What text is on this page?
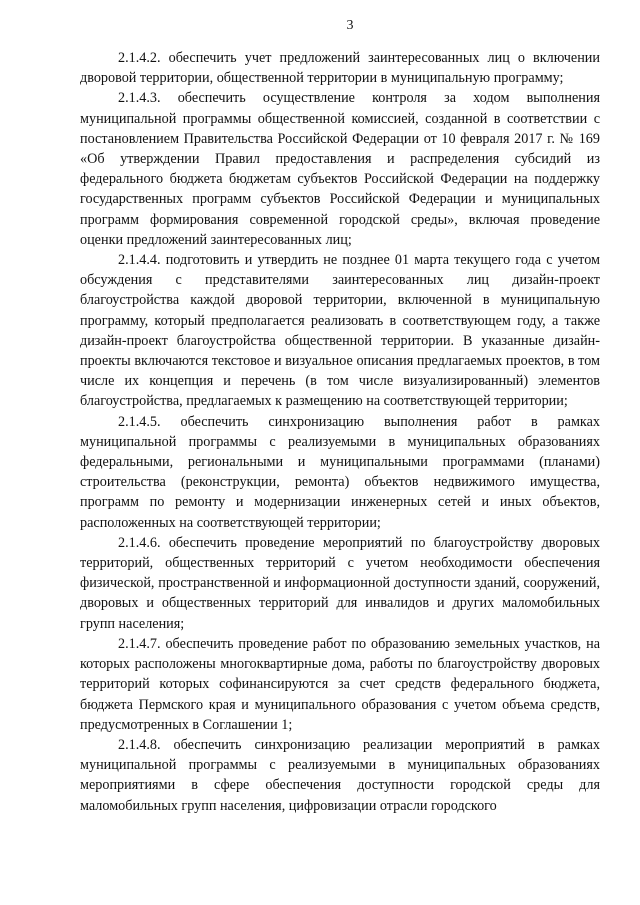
3

2.1.4.2. обеспечить учет предложений заинтересованных лиц о включении дворовой территории, общественной территории в муниципальную программу;

2.1.4.3. обеспечить осуществление контроля за ходом выполнения муниципальной программы общественной комиссией, созданной в соответствии с постановлением Правительства Российской Федерации от 10 февраля 2017 г. № 169 «Об утверждении Правил предоставления и распределения субсидий из федерального бюджета бюджетам субъектов Российской Федерации на поддержку государственных программ субъектов Российской Федерации и муниципальных программ формирования современной городской среды», включая проведение оценки предложений заинтересованных лиц;

2.1.4.4. подготовить и утвердить не позднее 01 марта текущего года с учетом обсуждения с представителями заинтересованных лиц дизайн-проект благоустройства каждой дворовой территории, включенной в муниципальную программу, который предполагается реализовать в соответствующем году, а также дизайн-проект благоустройства общественной территории. В указанные дизайн-проекты включаются текстовое и визуальное описания предлагаемых проектов, в том числе их концепция и перечень (в том числе визуализированный) элементов благоустройства, предлагаемых к размещению на соответствующей территории;

2.1.4.5. обеспечить синхронизацию выполнения работ в рамках муниципальной программы с реализуемыми в муниципальных образованиях федеральными, региональными и муниципальными программами (планами) строительства (реконструкции, ремонта) объектов недвижимого имущества, программ по ремонту и модернизации инженерных сетей и иных объектов, расположенных на соответствующей территории;

2.1.4.6. обеспечить проведение мероприятий по благоустройству дворовых территорий, общественных территорий с учетом необходимости обеспечения физической, пространственной и информационной доступности зданий, сооружений, дворовых и общественных территорий для инвалидов и других маломобильных групп населения;

2.1.4.7. обеспечить проведение работ по образованию земельных участков, на которых расположены многоквартирные дома, работы по благоустройству дворовых территорий которых софинансируются за счет средств федерального бюджета, бюджета Пермского края и муниципального образования с учетом объема средств, предусмотренных в Соглашении 1;

2.1.4.8. обеспечить синхронизацию реализации мероприятий в рамках муниципальной программы с реализуемыми в муниципальных образованиях мероприятиями в сфере обеспечения доступности городской среды для маломобильных групп населения, цифровизации отрасли городского
